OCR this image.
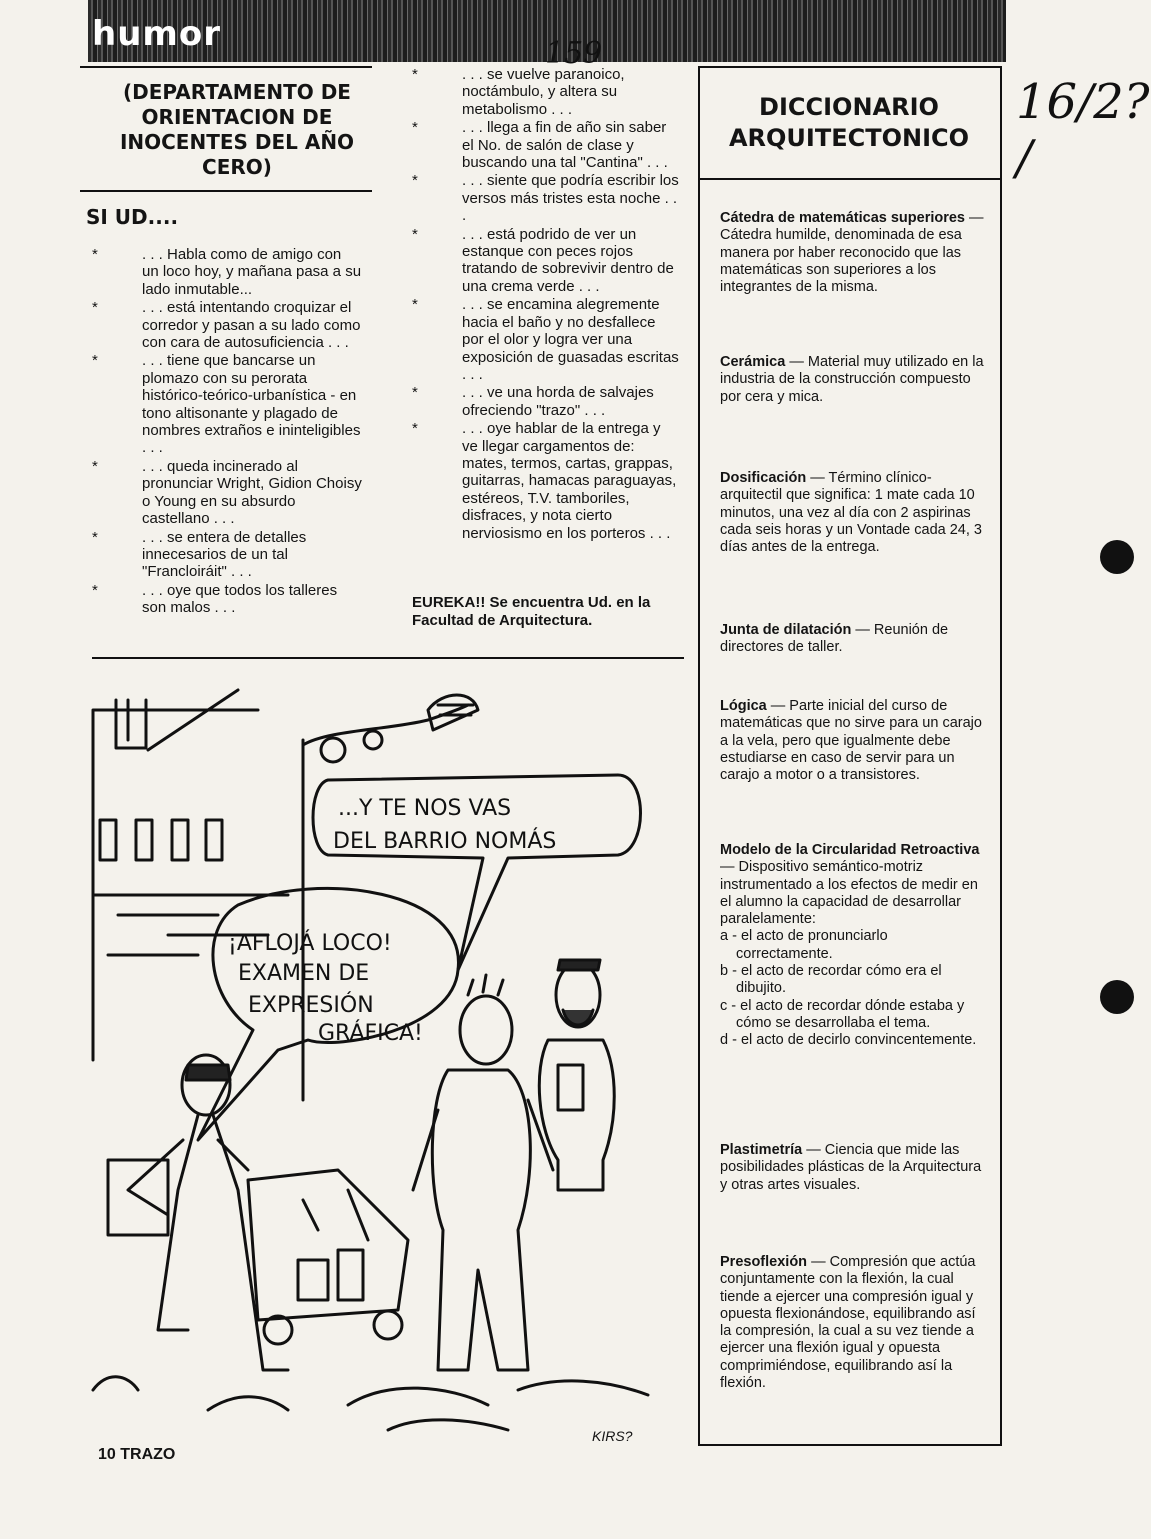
humor	159
16/2? /
(DEPARTAMENTO DE
ORIENTACION DE
INOCENTES DEL AÑO
CERO)
SI UD....
*	. . . Habla como de amigo con un loco hoy, y mañana pasa a su lado inmutable...
*	. . . está intentando croquizar el corredor y pasan a su lado como con cara de autosuficiencia . . .
*	. . . tiene que bancarse un plomazo con su perorata histórico-teórico-urbanística - en tono altisonante y plagado de nombres extraños e ininteligibles . . .
*	. . . queda incinerado al pronunciar Wright, Gidion Choisy o Young en su absurdo castellano . . .
*	. . . se entera de detalles innecesarios de un tal "Francloiráit" . . .
*	. . . oye que todos los talleres son malos . . .
*	. . . se vuelve paranoico, noctámbulo, y altera su metabolismo . . .
*	. . . llega a fin de año sin saber el No. de salón de clase y buscando una tal "Cantina" . . .
*	. . . siente que podría escribir los versos más tristes esta noche . . .
*	. . . está podrido de ver un estanque con peces rojos tratando de sobrevivir dentro de una crema verde . . .
*	. . . se encamina alegremente hacia el baño y no desfallece por el olor y logra ver una exposición de guasadas escritas . . .
*	. . . ve una horda de salvajes ofreciendo "trazo" . . .
*	. . . oye hablar de la entrega y ve llegar cargamentos de: mates, termos, cartas, grappas, guitarras, hamacas paraguayas, estéreos, T.V. tamboriles, disfraces, y nota cierto nerviosismo en los porteros . . .
EUREKA!! Se encuentra Ud. en la Facultad de Arquitectura.
DICCIONARIO
ARQUITECTONICO
Cátedra de matemáticas superiores — Cátedra humilde, denominada de esa manera por haber reconocido que las matemáticas son superiores a los integrantes de la misma.
Cerámica — Material muy utilizado en la industria de la construcción compuesto por cera y mica.
Dosificación — Término clínico-arquitectil que significa: 1 mate cada 10 minutos, una vez al día con 2 aspirinas cada seis horas y un Vontade cada 24, 3 días antes de la entrega.
Junta de dilatación — Reunión de directores de taller.
Lógica — Parte inicial del curso de matemáticas que no sirve para un carajo a la vela, pero que igualmente debe estudiarse en caso de servir para un carajo a motor o a transistores.
Modelo de la Circularidad Retroactiva — Dispositivo semántico-motriz instrumentado a los efectos de medir en el alumno la capacidad de desarrollar paralelamente:
a - el acto de pronunciarlo correctamente.
b - el acto de recordar cómo era el dibujito.
c - el acto de recordar dónde estaba y cómo se desarrollaba el tema.
d - el acto de decirlo convincentemente.
Plastimetría — Ciencia que mide las posibilidades plásticas de la Arquitectura y otras artes visuales.
Presoflexión — Compresión que actúa conjuntamente con la flexión, la cual tiende a ejercer una compresión igual y opuesta flexionándose, equilibrando así la compresión, la cual a su vez tiende a ejercer una flexión igual y opuesta comprimiéndose, equilibrando así la flexión.
...Y TE NOS VAS
DEL BARRIO NOMÁS
¡AFLOJÁ LOCO!
EXAMEN DE
EXPRESIÓN
GRÁFICA!
KIRS?
10 TRAZO
